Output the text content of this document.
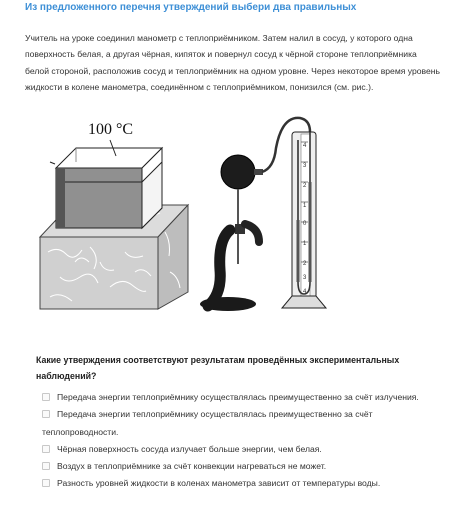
Из предложенного перечня утверждений выбери два правильных
Учитель на уроке соединил манометр с теплоприёмником. Затем налил в сосуд, у которого одна поверхность белая, а другая чёрная, кипяток и повернул сосуд к чёрной стороне теплоприёмника белой стороной, расположив сосуд и теплоприёмник на одном уровне. Через некоторое время уровень жидкости в колене манометра, соединённом с теплоприёмником, понизился (см. рис.).
100 °C
4
3
2
1
0
1
2
3
4
Какие утверждения соответствуют результатам проведённых экспериментальных наблюдений?
Передача энергии теплоприёмнику осуществлялась преимущественно за счёт излучения.
Передача энергии теплоприёмнику осуществлялась преимущественно за счёт теплопроводности.
Чёрная поверхность сосуда излучает больше энергии, чем белая.
Воздух в теплоприёмнике за счёт конвекции нагреваться не может.
Разность уровней жидкости в коленах манометра зависит от температуры воды.
